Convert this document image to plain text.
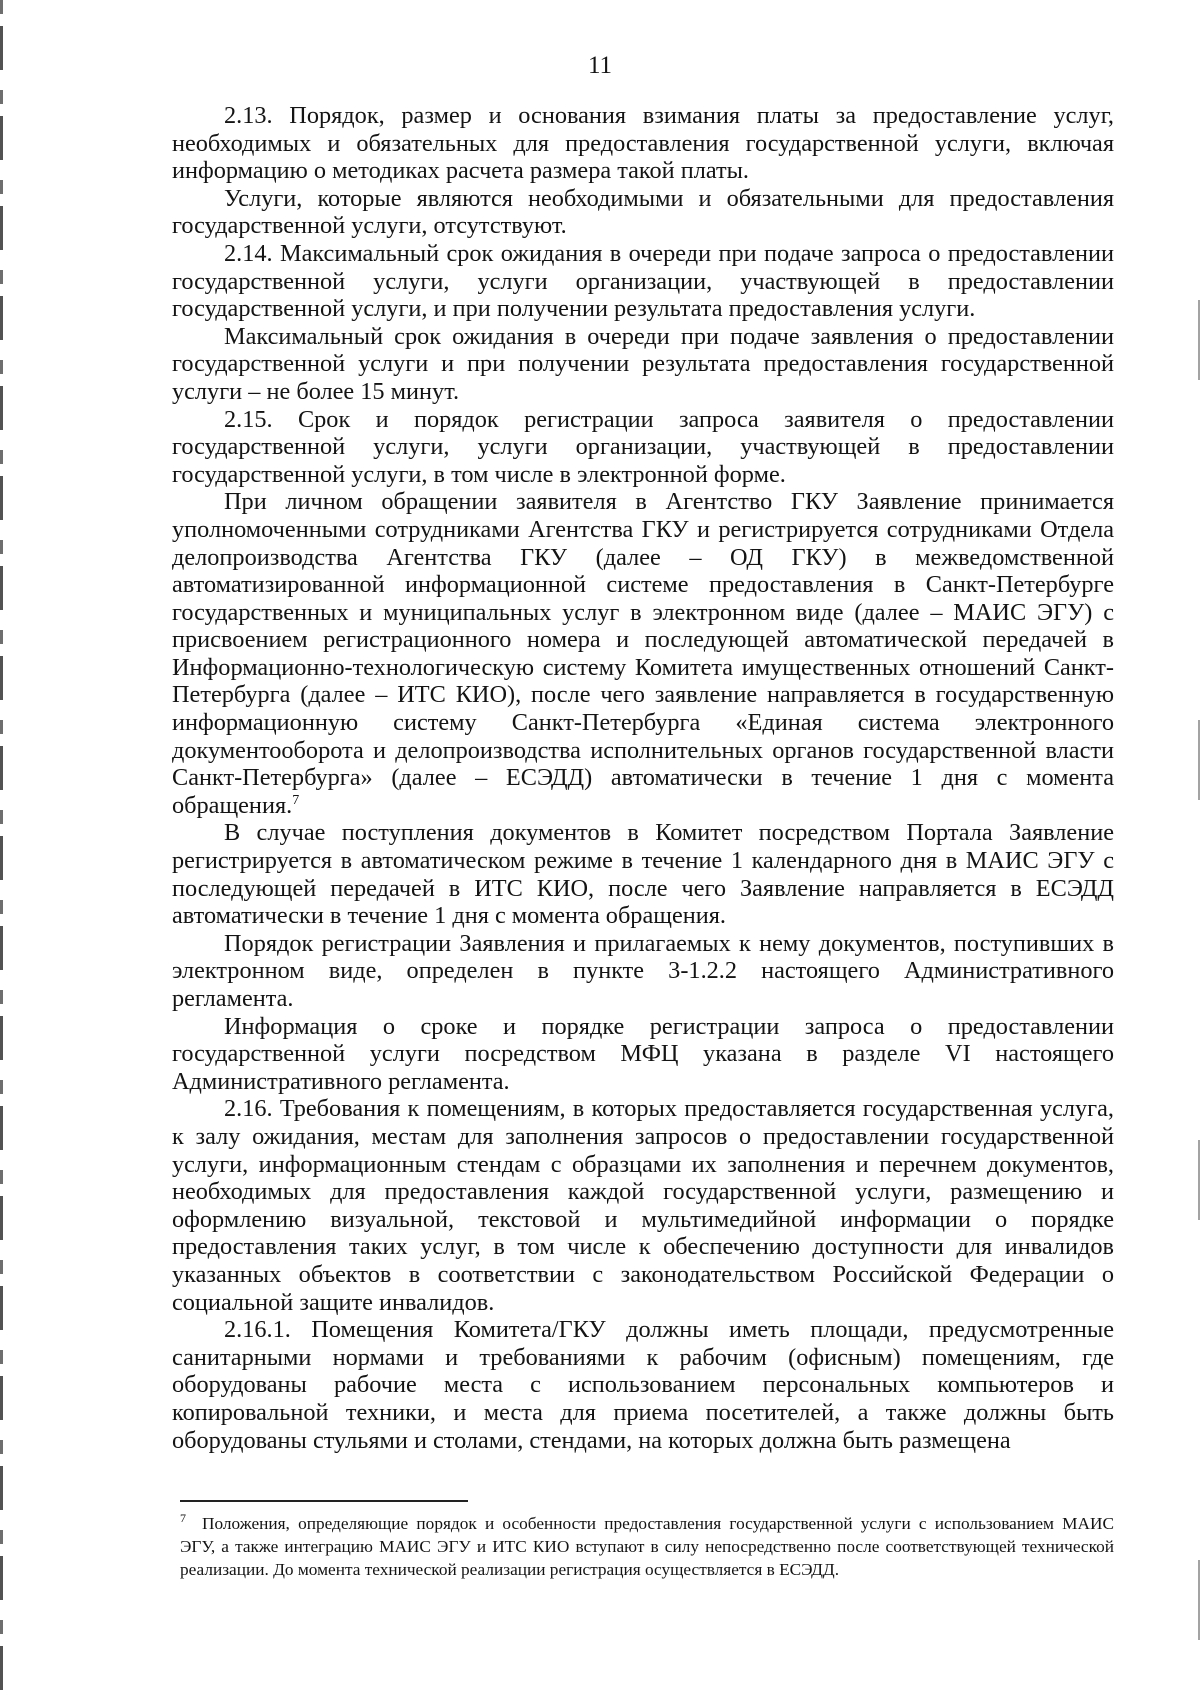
11

2.13. Порядок, размер и основания взимания платы за предоставление услуг, необходимых и обязательных для предоставления государственной услуги, включая информацию о методиках расчета размера такой платы.

Услуги, которые являются необходимыми и обязательными для предоставления государственной услуги, отсутствуют.

2.14. Максимальный срок ожидания в очереди при подаче запроса о предоставлении государственной услуги, услуги организации, участвующей в предоставлении государственной услуги, и при получении результата предоставления услуги.

Максимальный срок ожидания в очереди при подаче заявления о предоставлении государственной услуги и при получении результата предоставления государственной услуги – не более 15 минут.

2.15. Срок и порядок регистрации запроса заявителя о предоставлении государственной услуги, услуги организации, участвующей в предоставлении государственной услуги, в том числе в электронной форме.

При личном обращении заявителя в Агентство ГКУ Заявление принимается уполномоченными сотрудниками Агентства ГКУ и регистрируется сотрудниками Отдела делопроизводства Агентства ГКУ (далее – ОД ГКУ) в межведомственной автоматизированной информационной системе предоставления в Санкт-Петербурге государственных и муниципальных услуг в электронном виде (далее – МАИС ЭГУ) с присвоением регистрационного номера и последующей автоматической передачей в Информационно-технологическую систему Комитета имущественных отношений Санкт-Петербурга (далее – ИТС КИО), после чего заявление направляется в государственную информационную систему Санкт-Петербурга «Единая система электронного документооборота и делопроизводства исполнительных органов государственной власти Санкт-Петербурга» (далее – ЕСЭДД) автоматически в течение 1 дня с момента обращения.$^7$

В случае поступления документов в Комитет посредством Портала Заявление регистрируется в автоматическом режиме в течение 1 календарного дня в МАИС ЭГУ с последующей передачей в ИТС КИО, после чего Заявление направляется в ЕСЭДД автоматически в течение 1 дня с момента обращения.

Порядок регистрации Заявления и прилагаемых к нему документов, поступивших в электронном виде, определен в пункте 3-1.2.2 настоящего Административного регламента.

Информация о сроке и порядке регистрации запроса о предоставлении государственной услуги посредством МФЦ указана в разделе VI настоящего Административного регламента.

2.16. Требования к помещениям, в которых предоставляется государственная услуга, к залу ожидания, местам для заполнения запросов о предоставлении государственной услуги, информационным стендам с образцами их заполнения и перечнем документов, необходимых для предоставления каждой государственной услуги, размещению и оформлению визуальной, текстовой и мультимедийной информации о порядке предоставления таких услуг, в том числе к обеспечению доступности для инвалидов указанных объектов в соответствии с законодательством Российской Федерации о социальной защите инвалидов.

2.16.1. Помещения Комитета/ГКУ должны иметь площади, предусмотренные санитарными нормами и требованиями к рабочим (офисным) помещениям, где оборудованы рабочие места с использованием персональных компьютеров и копировальной техники, и места для приема посетителей, а также должны быть оборудованы стульями и столами, стендами, на которых должна быть размещена

$^7$ Положения, определяющие порядок и особенности предоставления государственной услуги с использованием МАИС ЭГУ, а также интеграцию МАИС ЭГУ и ИТС КИО вступают в силу непосредственно после соответствующей технической реализации. До момента технической реализации регистрация осуществляется в ЕСЭДД.
